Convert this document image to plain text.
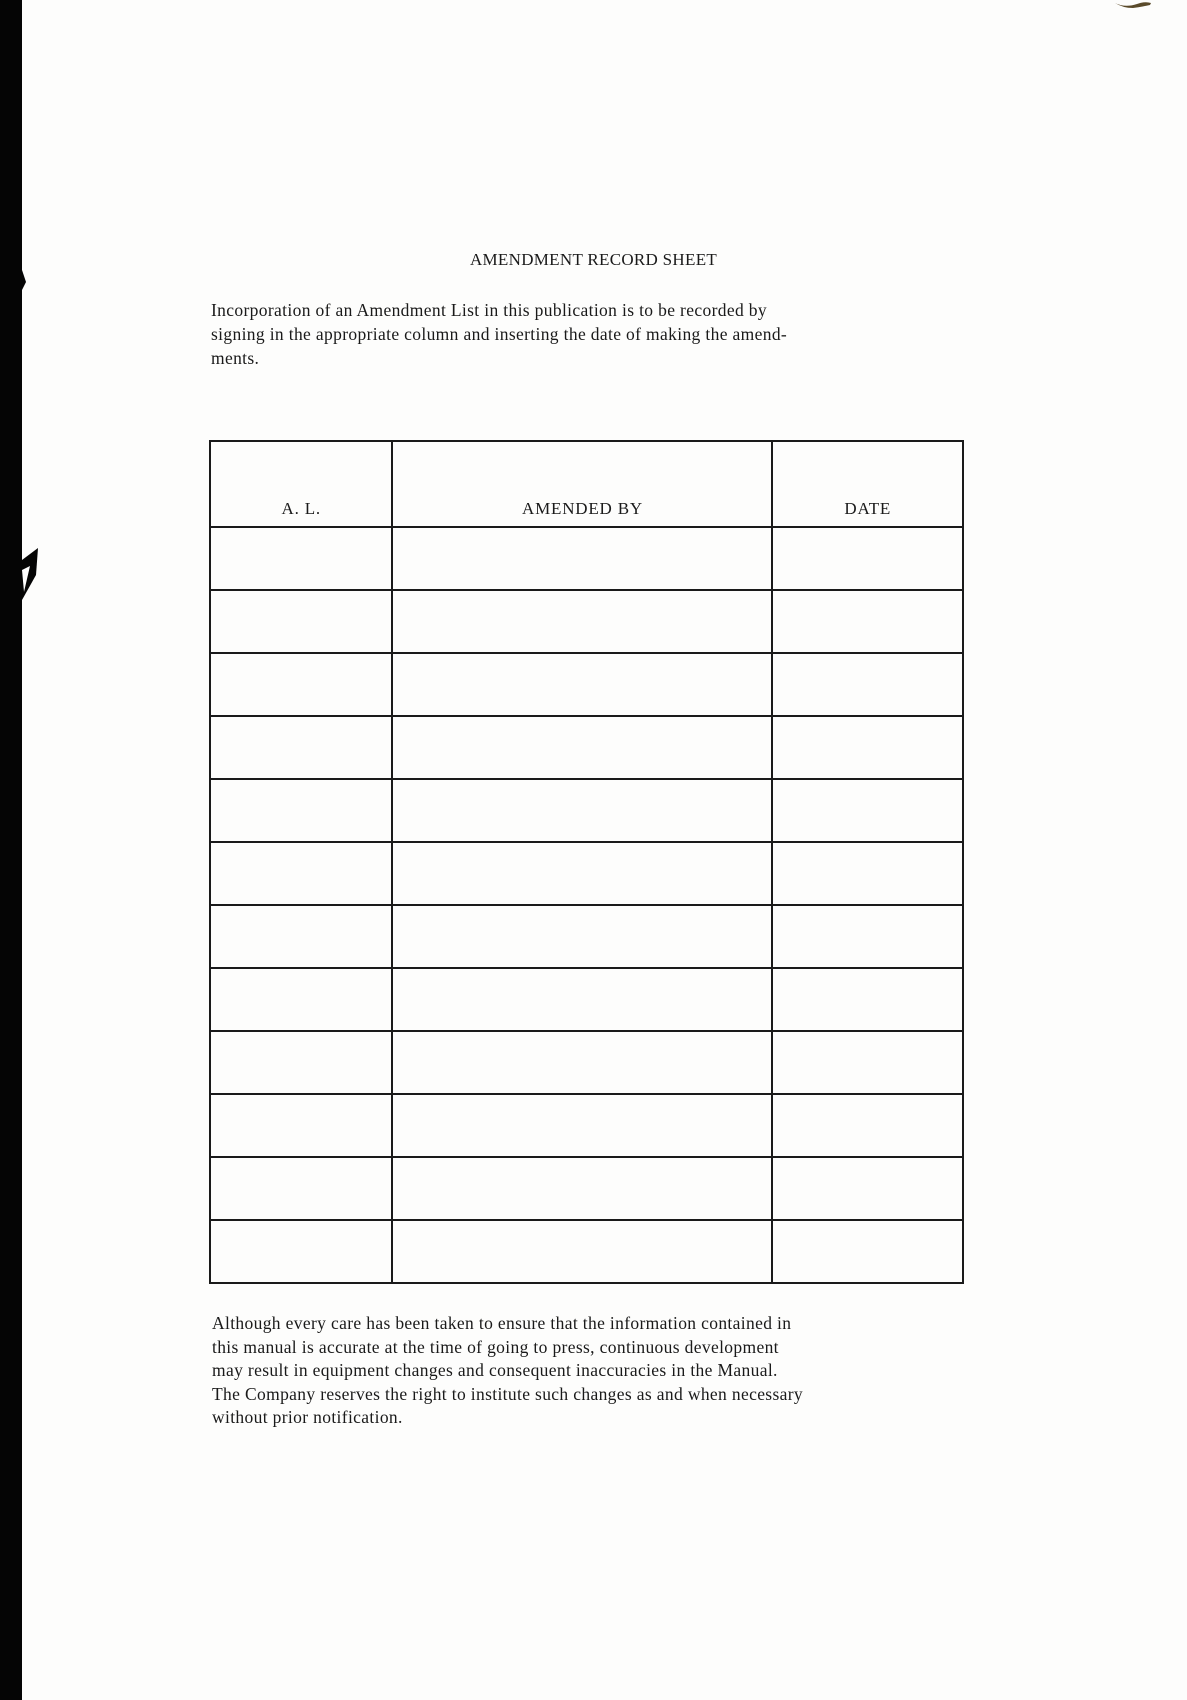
AMENDMENT RECORD SHEET
Incorporation of an Amendment List in this publication is to be recorded by
signing in the appropriate column and inserting the date of making the amend-
ments.
A. L.	AMENDED BY	DATE

Although every care has been taken to ensure that the information contained in
this manual is accurate at the time of going to press, continuous development
may result in equipment changes and consequent inaccuracies in the Manual.
The Company reserves the right to institute such changes as and when necessary
without prior notification.
